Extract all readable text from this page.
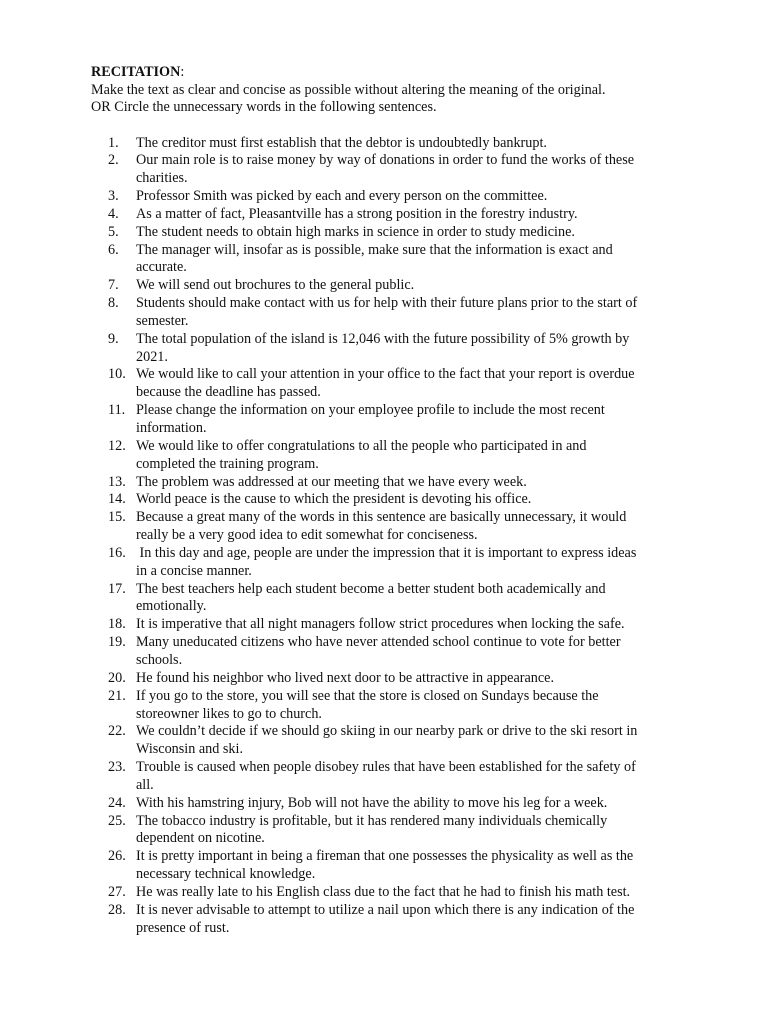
RECITATION:
Make the text as clear and concise as possible without altering the meaning of the original.
OR Circle the unnecessary words in the following sentences.
1.	The creditor must first establish that the debtor is undoubtedly bankrupt.
2.	Our main role is to raise money by way of donations in order to fund the works of these
charities.
3.	Professor Smith was picked by each and every person on the committee.
4.	As a matter of fact, Pleasantville has a strong position in the forestry industry.
5.	The student needs to obtain high marks in science in order to study medicine.
6.	The manager will, insofar as is possible, make sure that the information is exact and
accurate.
7.	We will send out brochures to the general public.
8.	Students should make contact with us for help with their future plans prior to the start of
semester.
9.	The total population of the island is 12,046 with the future possibility of 5% growth by
2021.
10. We would like to call your attention in your office to the fact that your report is overdue
because the deadline has passed.
11. Please change the information on your employee profile to include the most recent
information.
12. We would like to offer congratulations to all the people who participated in and
completed the training program.
13. The problem was addressed at our meeting that we have every week.
14. World peace is the cause to which the president is devoting his office.
15. Because a great many of the words in this sentence are basically unnecessary, it would
really be a very good idea to edit somewhat for conciseness.
16. In this day and age, people are under the impression that it is important to express ideas
in a concise manner.
17. The best teachers help each student become a better student both academically and
emotionally.
18. It is imperative that all night managers follow strict procedures when locking the safe.
19. Many uneducated citizens who have never attended school continue to vote for better
schools.
20. He found his neighbor who lived next door to be attractive in appearance.
21. If you go to the store, you will see that the store is closed on Sundays because the
storeowner likes to go to church.
22. We couldn’t decide if we should go skiing in our nearby park or drive to the ski resort in
Wisconsin and ski.
23. Trouble is caused when people disobey rules that have been established for the safety of
all.
24. With his hamstring injury, Bob will not have the ability to move his leg for a week.
25. The tobacco industry is profitable, but it has rendered many individuals chemically
dependent on nicotine.
26. It is pretty important in being a fireman that one possesses the physicality as well as the
necessary technical knowledge.
27. He was really late to his English class due to the fact that he had to finish his math test.
28. It is never advisable to attempt to utilize a nail upon which there is any indication of the
presence of rust.
